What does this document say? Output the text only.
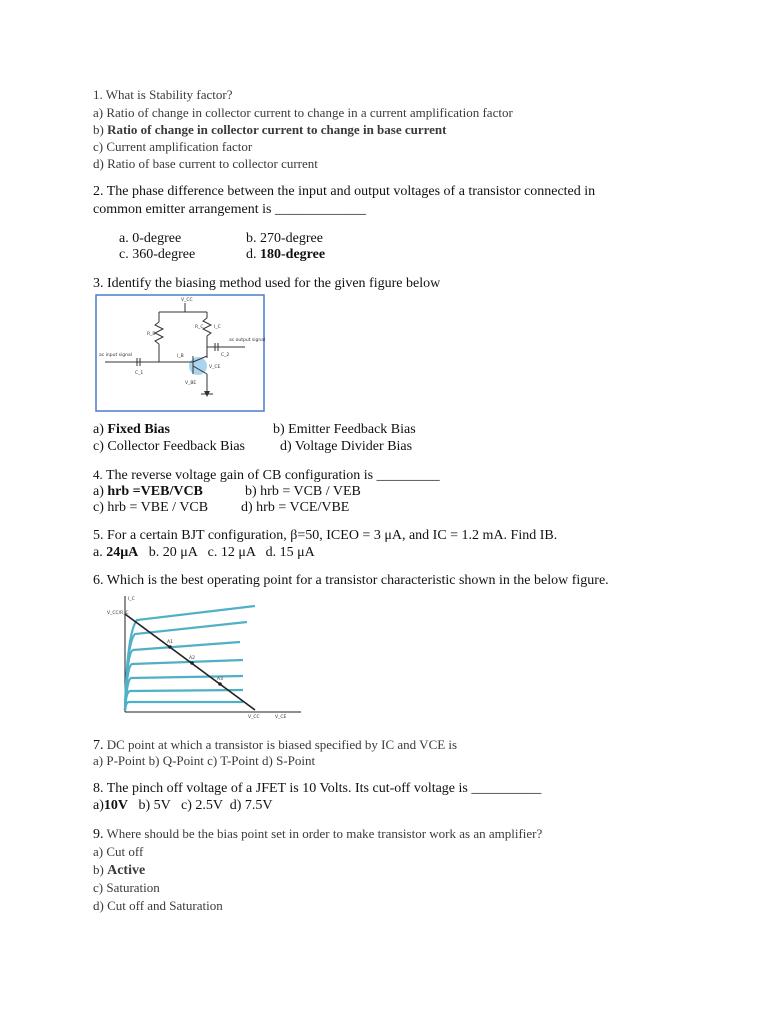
1. What is Stability factor?
a) Ratio of change in collector current to change in a current amplification factor
b) Ratio of change in collector current to change in base current
c) Current amplification factor
d) Ratio of base current to collector current
2. The phase difference between the input and output voltages of a transistor connected in
common emitter arrangement is _____________
a. 0-degree	b. 270-degree
c. 360-degree	d. 180-degree
3. Identify the biasing method used for the given figure below
V_CC
R_C I_C
R_B
I_B
C_1
C_2
V_CE
V_BE
ac input signal
ac output signal
a) Fixed Bias	b) Emitter Feedback Bias
c) Collector Feedback Bias d) Voltage Divider Bias
4. The reverse voltage gain of CB configuration is _________
a) hrb =VEB/VCB	b) hrb = VCB / VEB
c) hrb = VBE / VCB d) hrb = VCE/VBE
5. For a certain BJT configuration, β=50, ICEO = 3 μA, and IC = 1.2 mA. Find IB.
a. 24μA b. 20 μA   c. 12 μA   d. 15 μA
6. Which is the best operating point for a transistor characteristic shown in the below figure.
I_C
V_CC/R_C
V_CC	V_CE
A1
A2
A3
7. DC point at which a transistor is biased specified by IC and VCE is
a) P-Point b) Q-Point c) T-Point d) S-Point
8. The pinch off voltage of a JFET is 10 Volts. Its cut-off voltage is __________
a)10V b) 5V   c) 2.5V  d) 7.5V
9. Where should be the bias point set in order to make transistor work as an amplifier?
a) Cut off
b) Active
c) Saturation
d) Cut off and Saturation
